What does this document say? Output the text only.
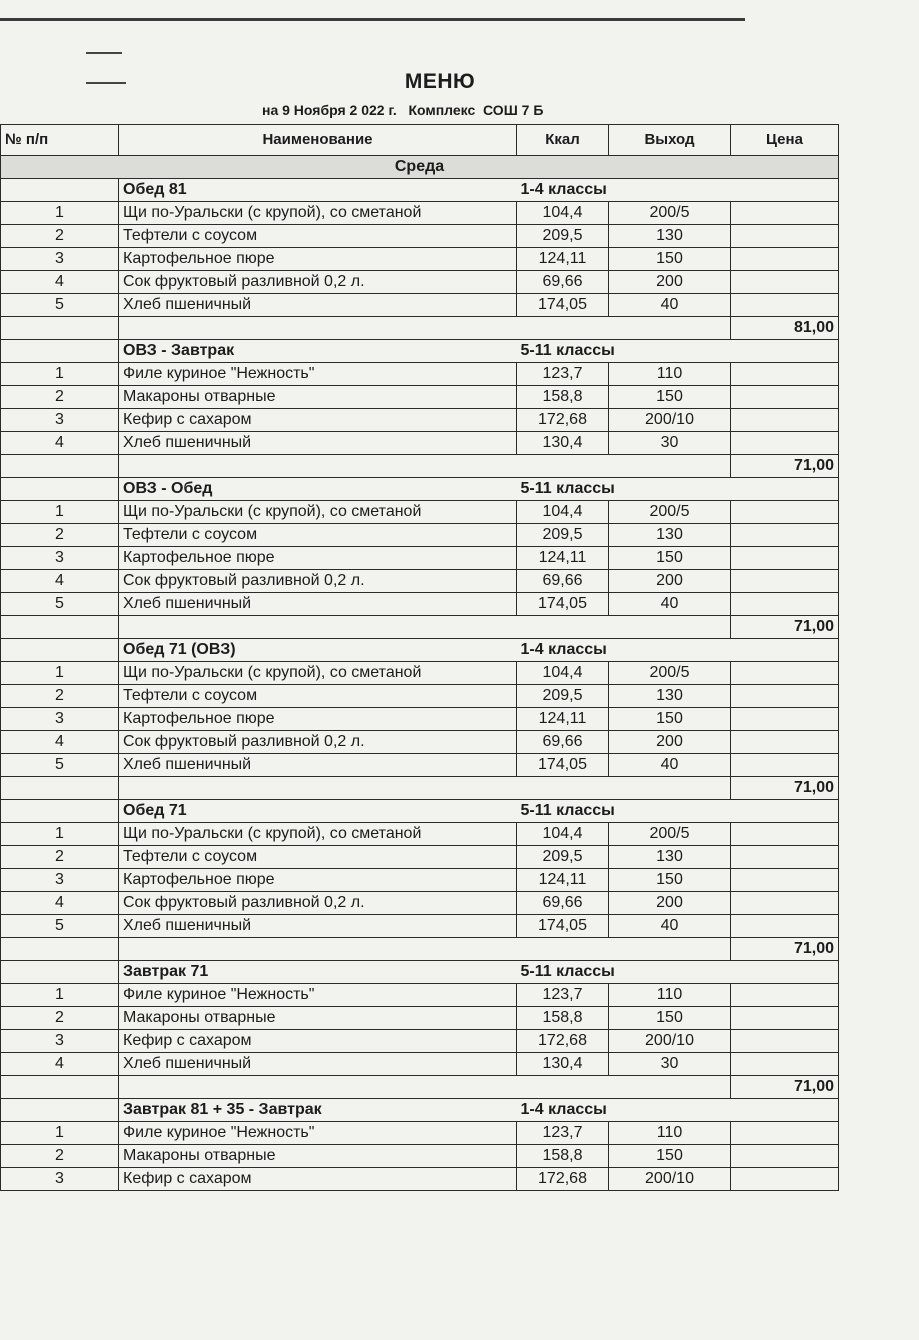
МЕНЮ
на 9 Ноября 2 022 г.   Комплекс  СОШ 7 Б
№ п/п	Наименование	Ккал	Выход	Цена
Среда				
	Обед 81	1-4 классы		
1	Щи по-Уральски (с крупой), со сметаной	104,4	200/5	
2	Тефтели с соусом	209,5	130	
3	Картофельное пюре	124,11	150	
4	Сок фруктовый разливной 0,2 л.	69,66	200	
5	Хлеб пшеничный	174,05	40	
				81,00
	ОВЗ - Завтрак	5-11 классы		
1	Филе куриное "Нежность"	123,7	110	
2	Макароны отварные	158,8	150	
3	Кефир с сахаром	172,68	200/10	
4	Хлеб пшеничный	130,4	30	
				71,00
	ОВЗ - Обед	5-11 классы		
1	Щи по-Уральски (с крупой), со сметаной	104,4	200/5	
2	Тефтели с соусом	209,5	130	
3	Картофельное пюре	124,11	150	
4	Сок фруктовый разливной 0,2 л.	69,66	200	
5	Хлеб пшеничный	174,05	40	
				71,00
	Обед 71 (ОВЗ)	1-4 классы		
1	Щи по-Уральски (с крупой), со сметаной	104,4	200/5	
2	Тефтели с соусом	209,5	130	
3	Картофельное пюре	124,11	150	
4	Сок фруктовый разливной 0,2 л.	69,66	200	
5	Хлеб пшеничный	174,05	40	
				71,00
	Обед 71	5-11 классы		
1	Щи по-Уральски (с крупой), со сметаной	104,4	200/5	
2	Тефтели с соусом	209,5	130	
3	Картофельное пюре	124,11	150	
4	Сок фруктовый разливной 0,2 л.	69,66	200	
5	Хлеб пшеничный	174,05	40	
				71,00
	Завтрак 71	5-11 классы		
1	Филе куриное "Нежность"	123,7	110	
2	Макароны отварные	158,8	150	
3	Кефир с сахаром	172,68	200/10	
4	Хлеб пшеничный	130,4	30	
				71,00
	Завтрак 81 + 35 - Завтрак	1-4 классы		
1	Филе куриное "Нежность"	123,7	110	
2	Макароны отварные	158,8	150	
3	Кефир с сахаром	172,68	200/10	
